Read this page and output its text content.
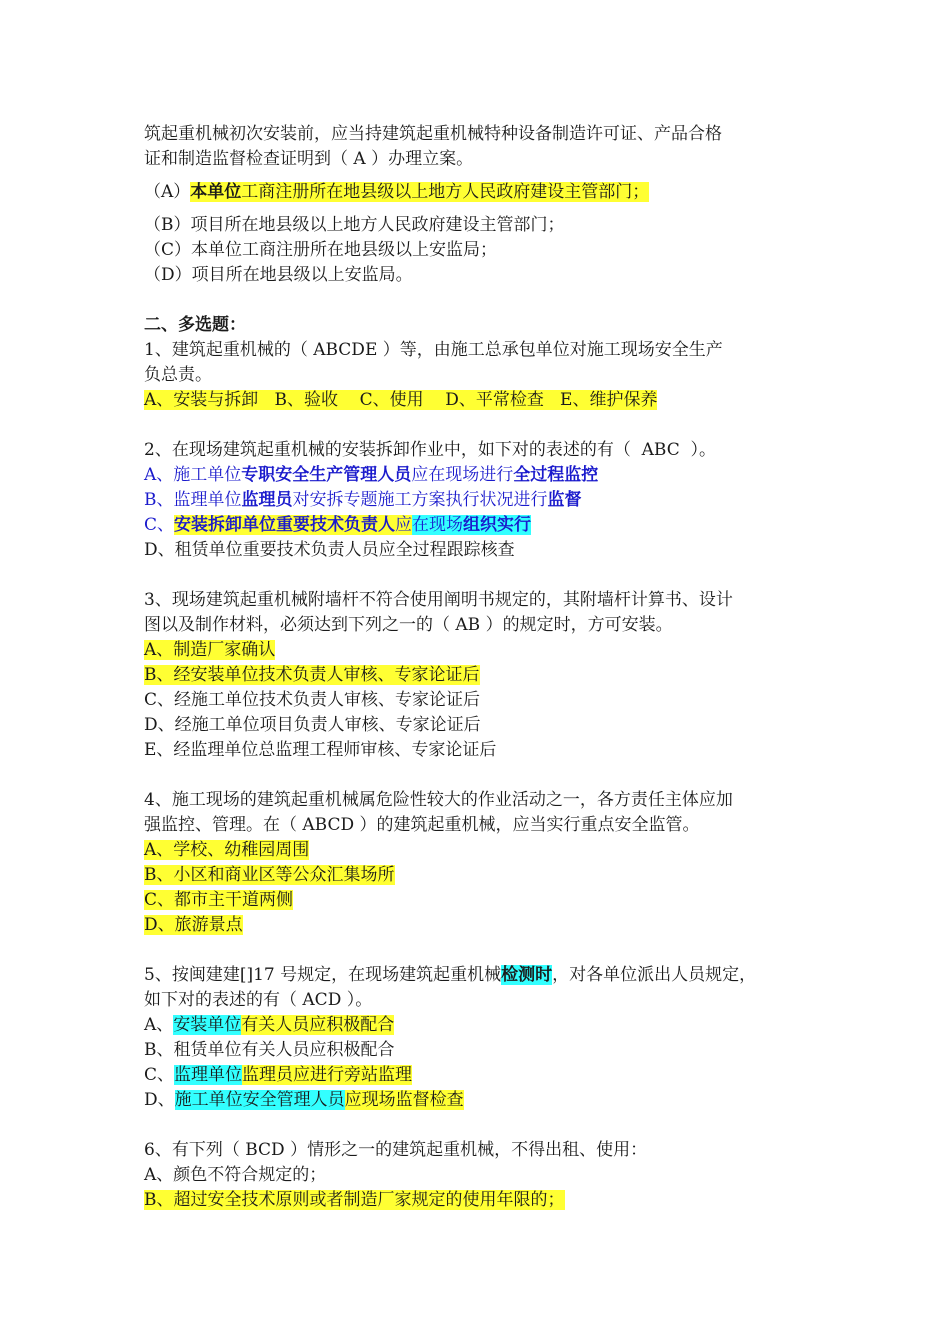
筑起重机械初次安装前，应当持建筑起重机械特种设备制造许可证、产品合格
证和制造监督检查证明到（ A ）办理立案。
（A）本单位工商注册所在地县级以上地方人民政府建设主管部门；
（B）项目所在地县级以上地方人民政府建设主管部门；
（C）本单位工商注册所在地县级以上安监局；
（D）项目所在地县级以上安监局。
二、多选题：
1、建筑起重机械的（ ABCDE ）等，由施工总承包单位对施工现场安全生产
负总责。
A、安装与拆卸   B、验收    C、使用    D、平常检查   E、维护保养
2、在现场建筑起重机械的安装拆卸作业中，如下对的表述的有（  ABC  ）。
A、施工单位专职安全生产管理人员应在现场进行全过程监控
B、监理单位监理员对安拆专题施工方案执行状况进行监督
C、安装拆卸单位重要技术负责人应在现场组织实行
D、租赁单位重要技术负责人员应全过程跟踪核查
3、现场建筑起重机械附墙杆不符合使用阐明书规定的，其附墙杆计算书、设计
图以及制作材料，必须达到下列之一的（ AB ）的规定时，方可安装。
A、制造厂家确认
B、经安装单位技术负责人审核、专家论证后
C、经施工单位技术负责人审核、专家论证后
D、经施工单位项目负责人审核、专家论证后
E、经监理单位总监理工程师审核、专家论证后
4、施工现场的建筑起重机械属危险性较大的作业活动之一，各方责任主体应加
强监控、管理。在（ ABCD ）的建筑起重机械，应当实行重点安全监管。
A、学校、幼稚园周围
B、小区和商业区等公众汇集场所
C、都市主干道两侧
D、旅游景点
5、按闽建建[]17 号规定，在现场建筑起重机械检测时，对各单位派出人员规定，
如下对的表述的有（ ACD ）。
A、安装单位有关人员应积极配合
B、租赁单位有关人员应积极配合
C、监理单位监理员应进行旁站监理
D、施工单位安全管理人员应现场监督检查
6、有下列（ BCD ）情形之一的建筑起重机械，不得出租、使用：
A、颜色不符合规定的；
B、超过安全技术原则或者制造厂家规定的使用年限的；
